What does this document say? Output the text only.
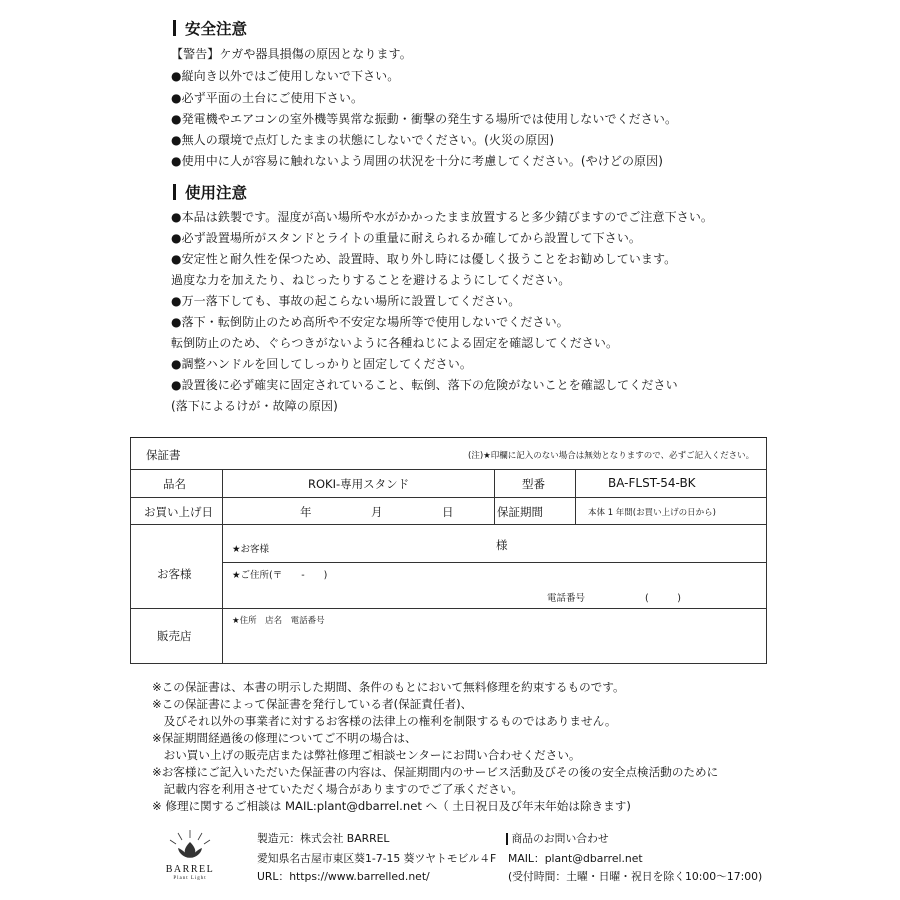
安全注意
【警告】ケガや器具損傷の原因となります。
●縦向き以外ではご使用しないで下さい。
●必ず平面の土台にご使用下さい。
●発電機やエアコンの室外機等異常な振動・衝撃の発生する場所では使用しないでください。
●無人の環境で点灯したままの状態にしないでください。(火災の原因)
●使用中に人が容易に触れないよう周囲の状況を十分に考慮してください。(やけどの原因)
使用注意
●本品は鉄製です。湿度が高い場所や水がかかったまま放置すると多少錆びますのでご注意下さい。
●必ず設置場所がスタンドとライトの重量に耐えられるか確してから設置して下さい。
●安定性と耐久性を保つため、設置時、取り外し時には優しく扱うことをお勧めしています。
過度な力を加えたり、ねじったりすることを避けるようにしてください。
●万一落下しても、事故の起こらない場所に設置してください。
●落下・転倒防止のため高所や不安定な場所等で使用しないでください。
転倒防止のため、ぐらつきがないように各種ねじによる固定を確認してください。
●調整ハンドルを回してしっかりと固定してください。
●設置後に必ず確実に固定されていること、転倒、落下の危険がないことを確認してください
(落下によるけが・故障の原因)
保証書	(注)★印欄に記入のない場合は無効となりますので、必ずご記入ください。
品名	ROKI-専用スタンド	型番	BA-FLST-54-BK
お買い上げ日	年	月	日	保証期間	本体 1 年間(お買い上げの日から)
お客様
★お客様	様
★ご住所(〒　　-　　)
電話番号	(　　　)
販売店
★住所　店名　電話番号
※この保証書は、本書の明示した期間、条件のもとにおいて無料修理を約束するものです。
※この保証書によって保証書を発行している者(保証責任者)、
　及びそれ以外の事業者に対するお客様の法律上の権利を制限するものではありません。
※保証期間経過後の修理についてご不明の場合は、
　おい買い上げの販売店または弊社修理ご相談センターにお問い合わせください。
※お客様にご記入いただいた保証書の内容は、保証期間内のサービス活動及びその後の安全点検活動のために
　記載内容を利用させていただく場合がありますのでご了承ください。
※ 修理に関するご相談は MAIL:plant@dbarrel.net へ（ 土日祝日及び年末年始は除きます)
BARREL
Plant Light
製造元：株式会社 BARREL
愛知県名古屋市東区葵1-7-15 葵ツヤトモビル４F
URL：https://www.barrelled.net/
商品のお問い合わせ
MAIL：plant@dbarrel.net
(受付時間：土曜・日曜・祝日を除く10:00～17:00)
